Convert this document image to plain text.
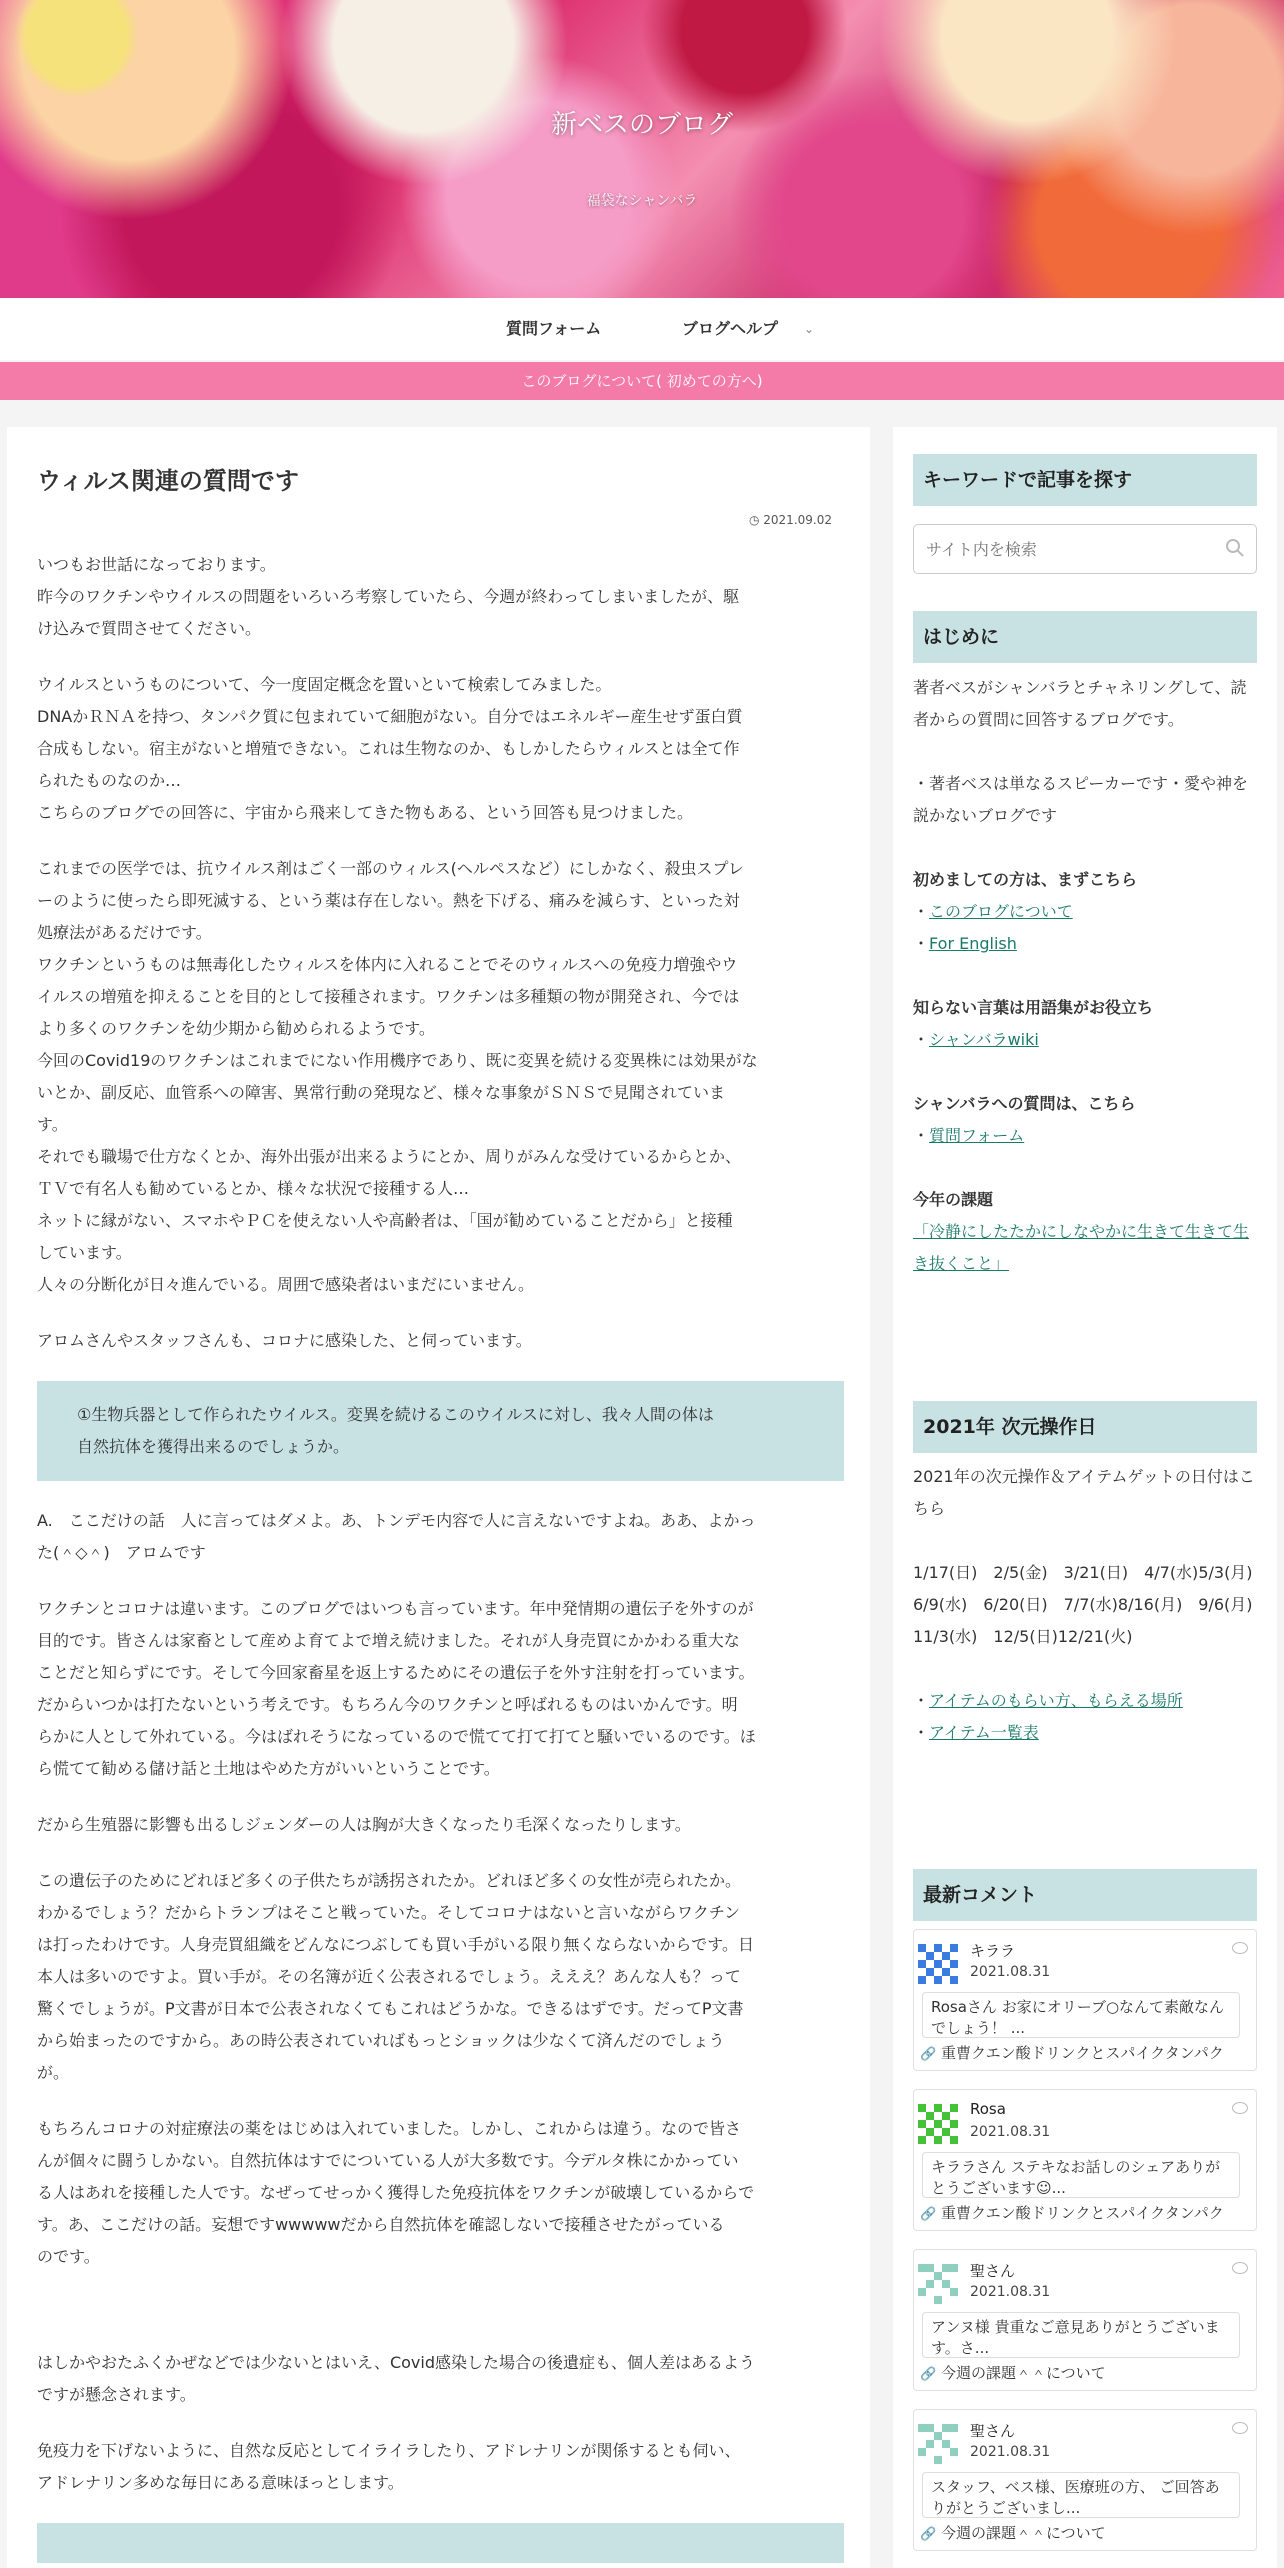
新ベスのブログ
福袋なシャンバラ
質問フォーム	ブログヘルプ ⌄
このブログについて( 初めての方へ)
ウィルス関連の質問です
◷ 2021.09.02

いつもお世話になっております。
昨今のワクチンやウイルスの問題をいろいろ考察していたら、今週が終わってしまいましたが、駆
け込みで質問させてください。

ウイルスというものについて、今一度固定概念を置いといて検索してみました。
DNAかＲＮＡを持つ、タンパク質に包まれていて細胞がない。自分ではエネルギー産生せず蛋白質
合成もしない。宿主がないと増殖できない。これは生物なのか、もしかしたらウィルスとは全て作
られたものなのか…
こちらのブログでの回答に、宇宙から飛来してきた物もある、という回答も見つけました。

これまでの医学では、抗ウイルス剤はごく一部のウィルス(ヘルペスなど）にしかなく、殺虫スプレ
ーのように使ったら即死滅する、という薬は存在しない。熱を下げる、痛みを減らす、といった対
処療法があるだけです。
ワクチンというものは無毒化したウィルスを体内に入れることでそのウィルスへの免疫力増強やウ
イルスの増殖を抑えることを目的として接種されます。ワクチンは多種類の物が開発され、今では
より多くのワクチンを幼少期から勧められるようです。
今回のCovid19のワクチンはこれまでにない作用機序であり、既に変異を続ける変異株には効果がな
いとか、副反応、血管系への障害、異常行動の発現など、様々な事象がＳＮＳで見聞されていま
す。
それでも職場で仕方なくとか、海外出張が出来るようにとか、周りがみんな受けているからとか、
ＴＶで有名人も勧めているとか、様々な状況で接種する人…
ネットに縁がない、スマホやＰＣを使えない人や高齢者は、「国が勧めていることだから」と接種
しています。
人々の分断化が日々進んでいる。周囲で感染者はいまだにいません。

アロムさんやスタッフさんも、コロナに感染した、と伺っています。

①生物兵器として作られたウイルス。変異を続けるこのウイルスに対し、我々人間の体は
自然抗体を獲得出来るのでしょうか。

A.　ここだけの話　人に言ってはダメよ。あ、トンデモ内容で人に言えないですよね。ああ、よかっ
た(＾◇＾)　アロムです

ワクチンとコロナは違います。このブログではいつも言っています。年中発情期の遺伝子を外すのが
目的です。皆さんは家畜として産めよ育てよで増え続けました。それが人身売買にかかわる重大な
ことだと知らずにです。そして今回家畜星を返上するためにその遺伝子を外す注射を打っています。
だからいつかは打たないという考えです。もちろん今のワクチンと呼ばれるものはいかんです。明
らかに人として外れている。今はばれそうになっているので慌てて打て打てと騒いでいるのです。ほ
ら慌てて勧める儲け話と土地はやめた方がいいということです。

だから生殖器に影響も出るしジェンダーの人は胸が大きくなったり毛深くなったりします。

この遺伝子のためにどれほど多くの子供たちが誘拐されたか。どれほど多くの女性が売られたか。
わかるでしょう？だからトランプはそこと戦っていた。そしてコロナはないと言いながらワクチン
は打ったわけです。人身売買組織をどんなにつぶしても買い手がいる限り無くならないからです。日
本人は多いのですよ。買い手が。その名簿が近く公表されるでしょう。えええ？あんな人も？って
驚くでしょうが。P文書が日本で公表されなくてもこれはどうかな。できるはずです。だってP文書
から始まったのですから。あの時公表されていればもっとショックは少なくて済んだのでしょう
が。

もちろんコロナの対症療法の薬をはじめは入れていました。しかし、これからは違う。なので皆さ
んが個々に闘うしかない。自然抗体はすでについている人が大多数です。今デルタ株にかかってい
る人はあれを接種した人です。なぜってせっかく獲得した免疫抗体をワクチンが破壊しているからで
す。あ、ここだけの話。妄想ですwwwwwだから自然抗体を確認しないで接種させたがっている
のです。

はしかやおたふくかぜなどでは少ないとはいえ、Covid感染した場合の後遺症も、個人差はあるよう
ですが懸念されます。

免疫力を下げないように、自然な反応としてイライラしたり、アドレナリンが関係するとも伺い、
アドレナリン多めな毎日にある意味ほっとします。

キーワードで記事を探す
サイト内を検索
はじめに

著者ベスがシャンバラとチャネリングして、読者からの質問に回答するブログです。

・著者ベスは単なるスピーカーです・愛や神を説かないブログです

初めましての方は、まずこちら

・このブログについて

・For English

知らない言葉は用語集がお役立ち

・シャンバラwiki

シャンバラへの質問は、こちら

・質問フォーム

今年の課題

「冷静にしたたかにしなやかに生きて生きて生き抜くこと」

2021年 次元操作日

2021年の次元操作＆アイテムゲットの日付はこちら

1/17(日)　2/5(金)　3/21(日)　4/7(水)5/3(月)　6/9(水)　6/20(日)　7/7(水)8/16(月)　9/6(月)　11/3(水)　12/5(日)12/21(火)

・アイテムのもらい方、もらえる場所

・アイテム一覧表

最新コメント
キララ
2021.08.31
Rosaさん お家にオリーブ○なんて素敵なんでしょう！ ...
🔗 重曹クエン酸ドリンクとスパイクタンパク
Rosa
2021.08.31
キララさん ステキなお話しのシェアありがとうございます☺...
🔗 重曹クエン酸ドリンクとスパイクタンパク
聖さん
2021.08.31
アンヌ様 貴重なご意見ありがとうございます。さ...
🔗 今週の課題＾＾について
聖さん
2021.08.31
スタッフ、ベス様、医療班の方、 ご回答ありがとうございまし...
🔗 今週の課題＾＾について
